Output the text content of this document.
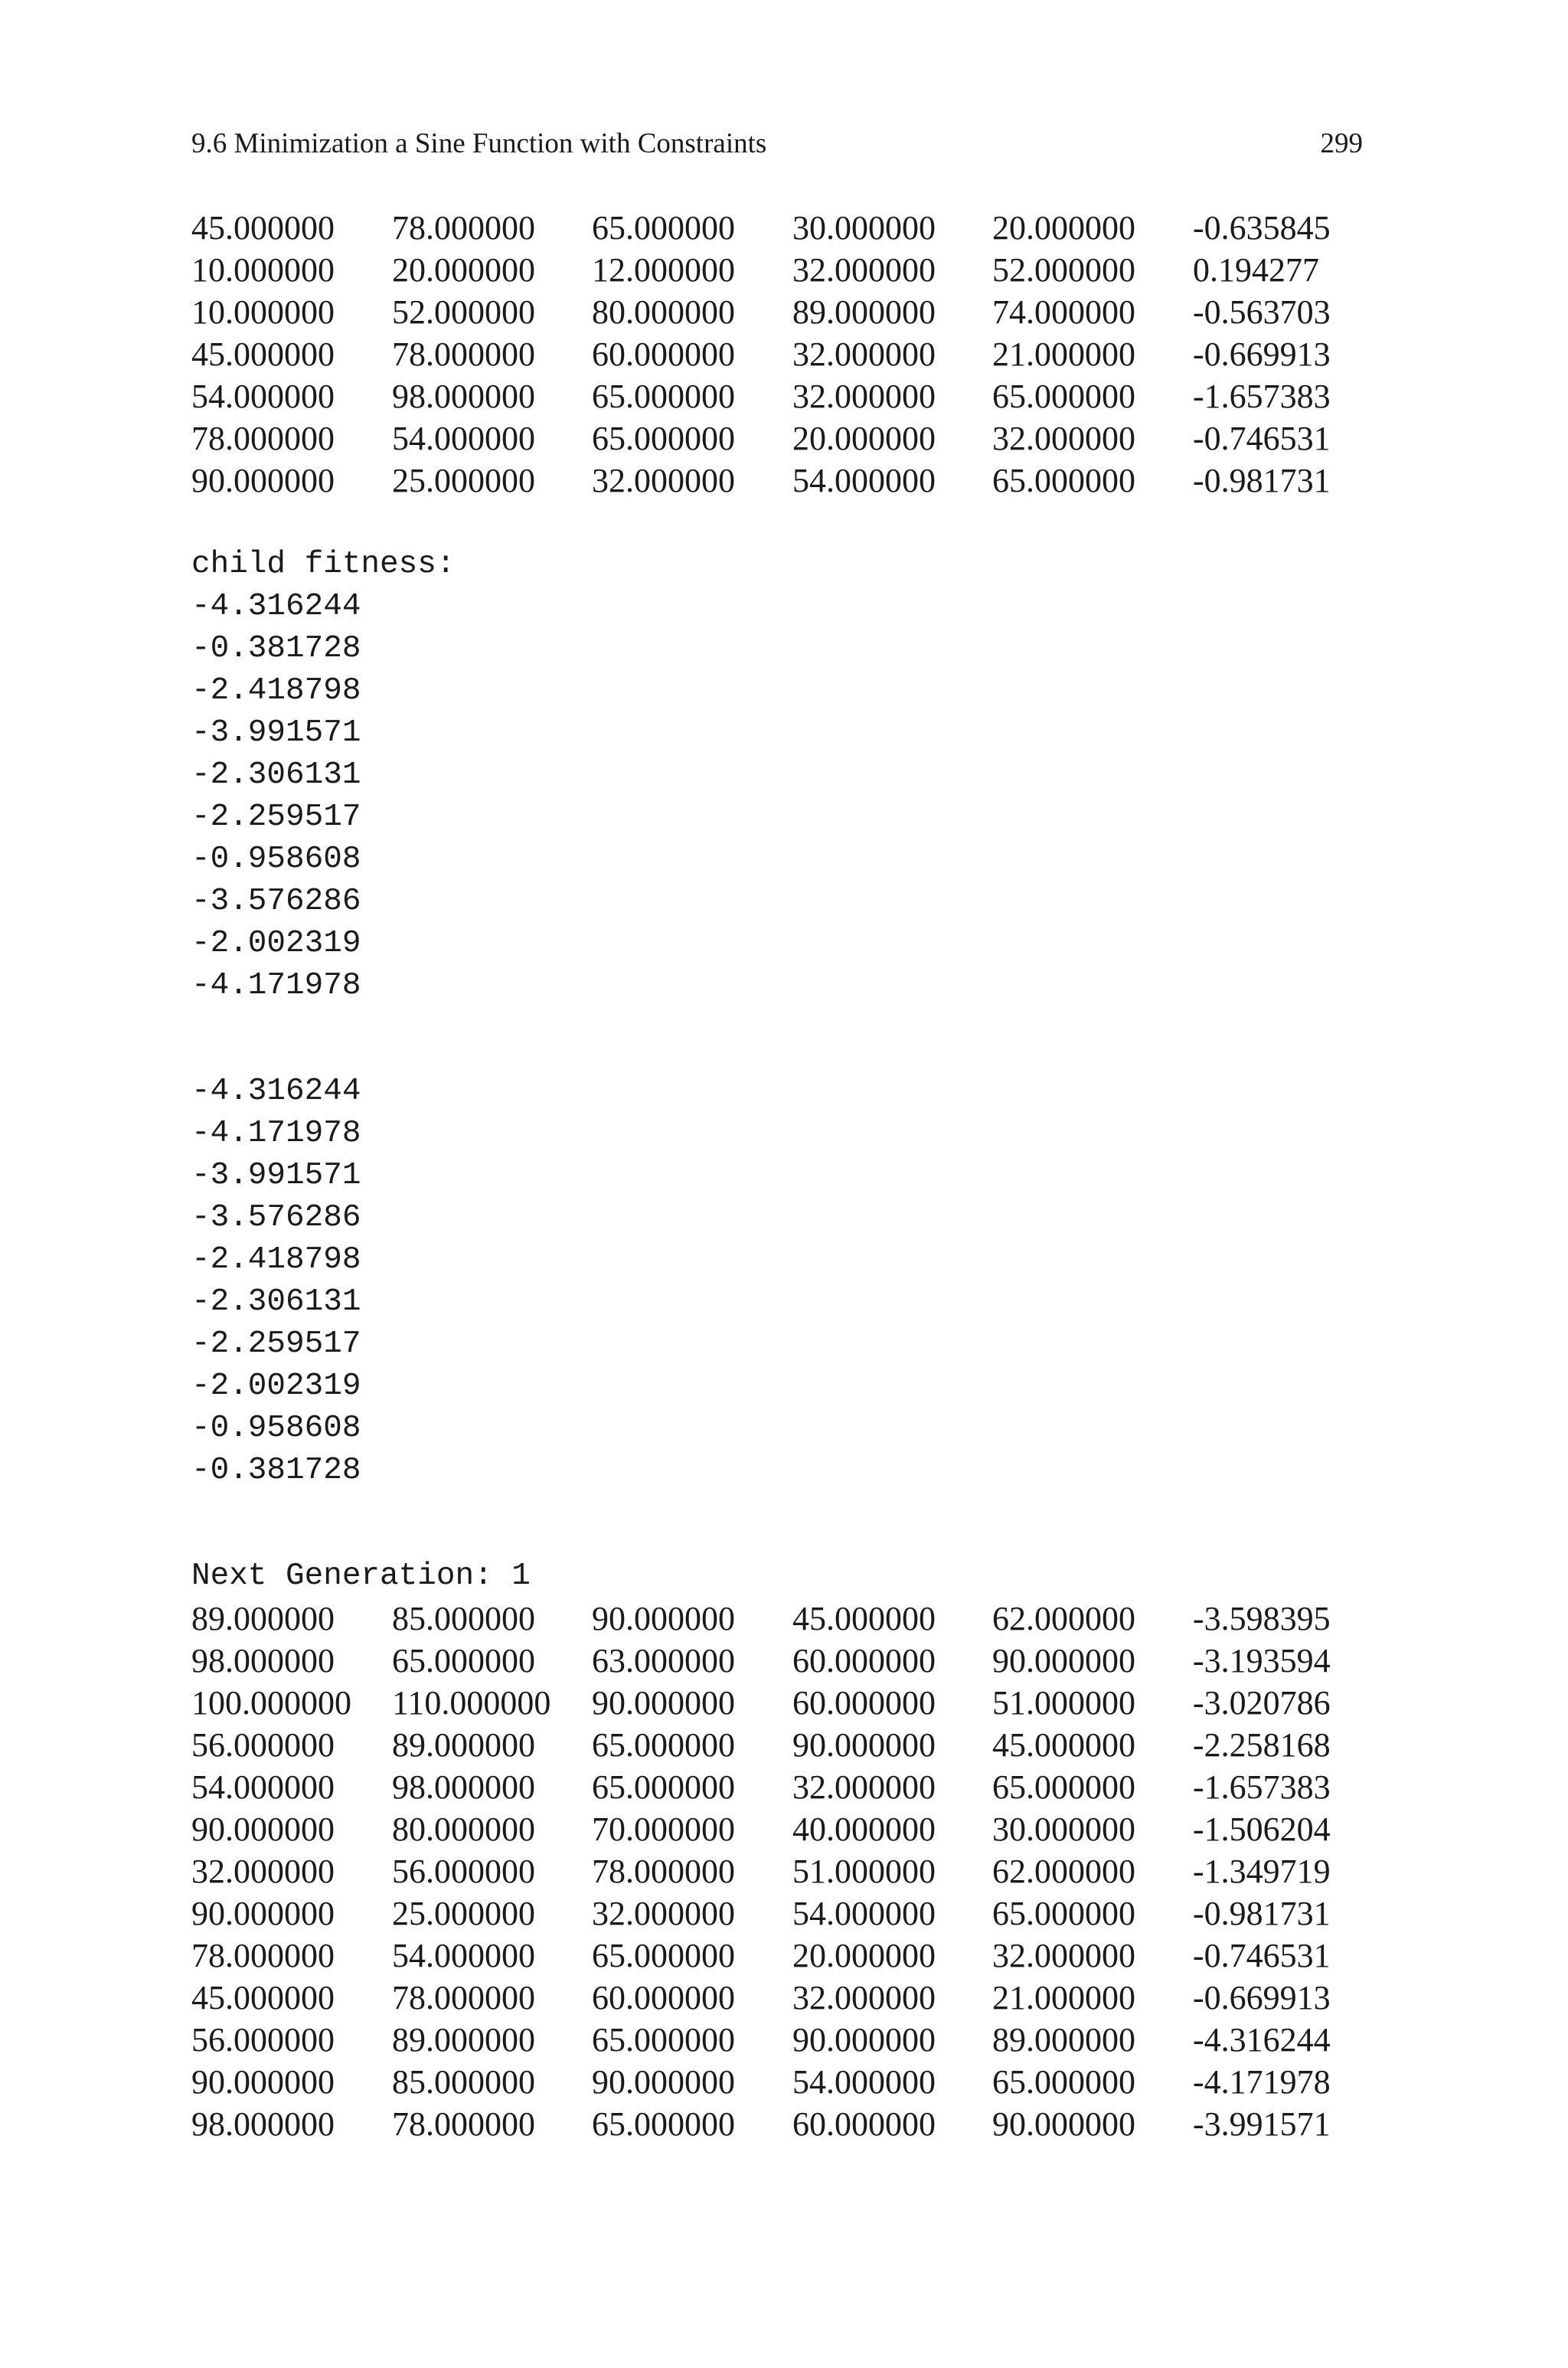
9.6 Minimization a Sine Function with Constraints	299
45.000000 78.000000 65.000000 30.000000 20.000000 -0.635845
10.000000 20.000000 12.000000 32.000000 52.000000 0.194277
10.000000 52.000000 80.000000 89.000000 74.000000 -0.563703
45.000000 78.000000 60.000000 32.000000 21.000000 -0.669913
54.000000 98.000000 65.000000 32.000000 65.000000 -1.657383
78.000000 54.000000 65.000000 20.000000 32.000000 -0.746531
90.000000 25.000000 32.000000 54.000000 65.000000 -0.981731
child fitness:
-4.316244
-0.381728
-2.418798
-3.991571
-2.306131
-2.259517
-0.958608
-3.576286
-2.002319
-4.171978
-4.316244
-4.171978
-3.991571
-3.576286
-2.418798
-2.306131
-2.259517
-2.002319
-0.958608
-0.381728
Next Generation: 1
89.000000 85.000000 90.000000 45.000000 62.000000 -3.598395
98.000000 65.000000 63.000000 60.000000 90.000000 -3.193594
100.000000 110.000000 90.000000 60.000000 51.000000 -3.020786
56.000000 89.000000 65.000000 90.000000 45.000000 -2.258168
54.000000 98.000000 65.000000 32.000000 65.000000 -1.657383
90.000000 80.000000 70.000000 40.000000 30.000000 -1.506204
32.000000 56.000000 78.000000 51.000000 62.000000 -1.349719
90.000000 25.000000 32.000000 54.000000 65.000000 -0.981731
78.000000 54.000000 65.000000 20.000000 32.000000 -0.746531
45.000000 78.000000 60.000000 32.000000 21.000000 -0.669913
56.000000 89.000000 65.000000 90.000000 89.000000 -4.316244
90.000000 85.000000 90.000000 54.000000 65.000000 -4.171978
98.000000 78.000000 65.000000 60.000000 90.000000 -3.991571
